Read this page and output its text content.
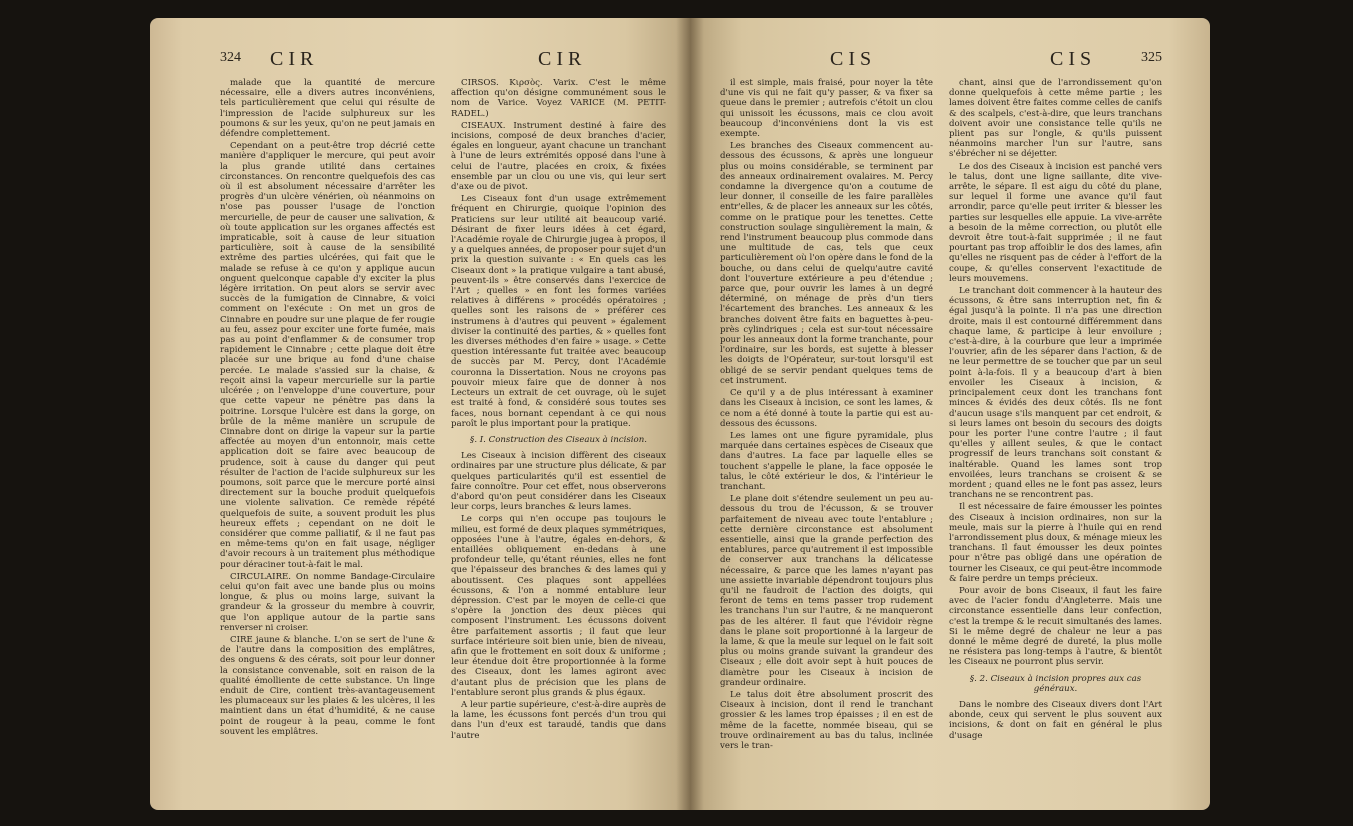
324 CIR	CIR

malade que la quantité de mercure nécessaire, elle a divers autres inconvéniens, tels particulièrement que celui qui résulte de l'impression de l'acide sulphureux sur les poumons & sur les yeux, qu'on ne peut jamais en défendre complettement.

Cependant on a peut-être trop décrié cette manière d'appliquer le mercure, qui peut avoir la plus grande utilité dans certaines circonstances. On rencontre quelquefois des cas où il est absolument nécessaire d'arrêter les progrès d'un ulcère vénérien, où néanmoins on n'ose pas pousser l'usage de l'onction mercurielle, de peur de causer une salivation, & où toute application sur les organes affectés est impraticable, soit à cause de leur situation particulière, soit à cause de la sensibilité extrême des parties ulcérées, qui fait que le malade se refuse à ce qu'on y applique aucun onguent quelconque capable d'y exciter la plus légère irritation. On peut alors se servir avec succès de la fumigation de Cinnabre, & voici comment on l'exécute : On met un gros de Cinnabre en poudre sur une plaque de fer rougie au feu, assez pour exciter une forte fumée, mais pas au point d'enflammer & de consumer trop rapidement le Cinnabre ; cette plaque doit être placée sur une brique au fond d'une chaise percée. Le malade s'assied sur la chaise, & reçoit ainsi la vapeur mercurielle sur la partie ulcérée ; on l'enveloppe d'une couverture, pour que cette vapeur ne pénètre pas dans la poitrine. Lorsque l'ulcère est dans la gorge, on brûle de la même manière un scrupule de Cinnabre dont on dirige la vapeur sur la partie affectée au moyen d'un entonnoir, mais cette application doit se faire avec beaucoup de prudence, soit à cause du danger qui peut résulter de l'action de l'acide sulphureux sur les poumons, soit parce que le mercure porté ainsi directement sur la bouche produit quelquefois une violente salivation. Ce remède répété quelquefois de suite, a souvent produit les plus heureux effets ; cependant on ne doit le considérer que comme palliatif, & il ne faut pas en même-tems qu'on en fait usage, négliger d'avoir recours à un traitement plus méthodique pour déraciner tout-à-fait le mal.

CIRCULAIRE. On nomme Bandage-Circulaire celui qu'on fait avec une bande plus ou moins longue, & plus ou moins large, suivant la grandeur & la grosseur du membre à couvrir, que l'on applique autour de la partie sans renverser ni croiser.

CIRE jaune & blanche. L'on se sert de l'une & de l'autre dans la composition des emplâtres, des onguens & des cérats, soit pour leur donner la consistance convenable, soit en raison de la qualité émolliente de cette substance. Un linge enduit de Cire, contient très-avantageusement les plumaceaux sur les plaies & les ulcères, il les maintient dans un état d'humidité, & ne cause point de rougeur à la peau, comme le font souvent les emplâtres.

CIRSOS. Κιρσὸς. Varix. C'est le même affection qu'on désigne communément sous le nom de Varice. Voyez VARICE (M. PETIT-RADEL.)

CISEAUX. Instrument destiné à faire des incisions, composé de deux branches d'acier, égales en longueur, ayant chacune un tranchant à l'une de leurs extrémités opposé dans l'une à celui de l'autre, placées en croix, & fixées ensemble par un clou ou une vis, qui leur sert d'axe ou de pivot.

Les Ciseaux font d'un usage extrêmement fréquent en Chirurgie, quoique l'opinion des Praticiens sur leur utilité ait beaucoup varié. Désirant de fixer leurs idées à cet égard, l'Académie royale de Chirurgie jugea à propos, il y a quelques années, de proposer pour sujet d'un prix la question suivante : « En quels cas les Ciseaux dont » la pratique vulgaire a tant abusé, peuvent-ils » être conservés dans l'exercice de l'Art ; quelles » en font les formes variées relatives à différens » procédés opératoires ; quelles sont les raisons de » préférer ces instrumens à d'autres qui peuvent » également diviser la continuité des parties, & » quelles font les diverses méthodes d'en faire » usage. » Cette question intéressante fut traitée avec beaucoup de succès par M. Percy, dont l'Académie couronna la Dissertation. Nous ne croyons pas pouvoir mieux faire que de donner à nos Lecteurs un extrait de cet ouvrage, où le sujet est traité à fond, & considéré sous toutes ses faces, nous bornant cependant à ce qui nous paroît le plus important pour la pratique.

§. I. Construction des Ciseaux à incision.

Les Ciseaux à incision diffèrent des ciseaux ordinaires par une structure plus délicate, & par quelques particularités qu'il est essentiel de faire connoître. Pour cet effet, nous observerons d'abord qu'on peut considérer dans les Ciseaux leur corps, leurs branches & leurs lames.

Le corps qui n'en occupe pas toujours le milieu, est formé de deux plaques symmétriques, opposées l'une à l'autre, égales en-dehors, & entaillées obliquement en-dedans à une profondeur telle, qu'étant réunies, elles ne font que l'épaisseur des branches & des lames qui y aboutissent. Ces plaques sont appellées écussons, & l'on a nommé entablure leur dépression. C'est par le moyen de celle-ci que s'opère la jonction des deux pièces qui composent l'instrument. Les écussons doivent être parfaitement assortis ; il faut que leur surface intérieure soit bien unie, bien de niveau, afin que le frottement en soit doux & uniforme ; leur étendue doit être proportionnée à la forme des Ciseaux, dont les lames agiront avec d'autant plus de précision que les plans de l'entablure seront plus grands & plus égaux.

A leur partie supérieure, c'est-à-dire auprès de la lame, les écussons font percés d'un trou qui dans l'un d'eux est taraudé, tandis que dans l'autre

CIS	CIS	325

il est simple, mais fraisé, pour noyer la tête d'une vis qui ne fait qu'y passer, & va fixer sa queue dans le premier ; autrefois c'étoit un clou qui unissoit les écussons, mais ce clou avoit beaucoup d'inconvéniens dont la vis est exempte.

Les branches des Ciseaux commencent au-dessous des écussons, & après une longueur plus ou moins considérable, se terminent par des anneaux ordinairement ovalaires. M. Percy condamne la divergence qu'on a coutume de leur donner, il conseille de les faire parallèles entr'elles, & de placer les anneaux sur les côtés, comme on le pratique pour les tenettes. Cette construction soulage singulièrement la main, & rend l'instrument beaucoup plus commode dans une multitude de cas, tels que ceux particulièrement où l'on opère dans le fond de la bouche, ou dans celui de quelqu'autre cavité dont l'ouverture extérieure a peu d'étendue ; parce que, pour ouvrir les lames à un degré déterminé, on ménage de près d'un tiers l'écartement des branches. Les anneaux & les branches doivent être faits en baguettes à-peu-près cylindriques ; cela est sur-tout nécessaire pour les anneaux dont la forme tranchante, pour l'ordinaire, sur les bords, est sujette à blesser les doigts de l'Opérateur, sur-tout lorsqu'il est obligé de se servir pendant quelques tems de cet instrument.

Ce qu'il y a de plus intéressant à examiner dans les Ciseaux à incision, ce sont les lames, & ce nom a été donné à toute la partie qui est au-dessous des écussons.

Les lames ont une figure pyramidale, plus marquée dans certaines espèces de Ciseaux que dans d'autres. La face par laquelle elles se touchent s'appelle le plane, la face opposée le talus, le côté extérieur le dos, & l'intérieur le tranchant.

Le plane doit s'étendre seulement un peu au-dessous du trou de l'écusson, & se trouver parfaitement de niveau avec toute l'entablure ; cette dernière circonstance est absolument essentielle, ainsi que la grande perfection des entablures, parce qu'autrement il est impossible de conserver aux tranchans la délicatesse nécessaire, & parce que les lames n'ayant pas une assiette invariable dépendront toujours plus qu'il ne faudroit de l'action des doigts, qui feront de tems en tems passer trop rudement les tranchans l'un sur l'autre, & ne manqueront pas de les altérer. Il faut que l'évidoir règne dans le plane soit proportionné à la largeur de la lame, & que la meule sur lequel on le fait soit plus ou moins grande suivant la grandeur des Ciseaux ; elle doit avoir sept à huit pouces de diamètre pour les Ciseaux à incision de grandeur ordinaire.

Le talus doit être absolument proscrit des Ciseaux à incision, dont il rend le tranchant grossier & les lames trop épaisses ; il en est de même de la facette, nommée biseau, qui se trouve ordinairement au bas du talus, inclinée vers le tran-

chant, ainsi que de l'arrondissement qu'on donne quelquefois à cette même partie ; les lames doivent être faites comme celles de canifs & des scalpels, c'est-à-dire, que leurs tranchans doivent avoir une consistance telle qu'ils ne plient pas sur l'ongle, & qu'ils puissent néanmoins marcher l'un sur l'autre, sans s'ébrécher ni se déjetter.

Le dos des Ciseaux à incision est panché vers le talus, dont une ligne saillante, dite vive-arrête, le sépare. Il est aigu du côté du plane, sur lequel il forme une avance qu'il faut arrondir, parce qu'elle peut irriter & blesser les parties sur lesquelles elle appuie. La vive-arrête a besoin de la même correction, ou plutôt elle devroit être tout-à-fait supprimée ; il ne faut pourtant pas trop affoiblir le dos des lames, afin qu'elles ne risquent pas de céder à l'effort de la coupe, & qu'elles conservent l'exactitude de leurs mouvemens.

Le tranchant doit commencer à la hauteur des écussons, & être sans interruption net, fin & égal jusqu'à la pointe. Il n'a pas une direction droite, mais il est contourné différemment dans chaque lame, & participe à leur envoilure ; c'est-à-dire, à la courbure que leur a imprimée l'ouvrier, afin de les séparer dans l'action, & de ne leur permettre de se toucher que par un seul point à-la-fois. Il y a beaucoup d'art à bien envoiler les Ciseaux à incision, & principalement ceux dont les tranchans font minces & évidés des deux côtés. Ils ne font d'aucun usage s'ils manquent par cet endroit, & si leurs lames ont besoin du secours des doigts pour les porter l'une contre l'autre ; il faut qu'elles y aillent seules, & que le contact progressif de leurs tranchans soit constant & inaltérable. Quand les lames sont trop envoilées, leurs tranchans se croisent & se mordent ; quand elles ne le font pas assez, leurs tranchans ne se rencontrent pas.

Il est nécessaire de faire émousser les pointes des Ciseaux à incision ordinaires, non sur la meule, mais sur la pierre à l'huile qui en rend l'arrondissement plus doux, & ménage mieux les tranchans. Il faut émousser les deux pointes pour n'être pas obligé dans une opération de tourner les Ciseaux, ce qui peut-être incommode & faire perdre un temps précieux.

Pour avoir de bons Ciseaux, il faut les faire avec de l'acier fondu d'Angleterre. Mais une circonstance essentielle dans leur confection, c'est la trempe & le recuit simultanés des lames. Si le même degré de chaleur ne leur a pas donné le même degré de dureté, la plus molle ne résistera pas long-temps à l'autre, & bientôt les Ciseaux ne pourront plus servir.

§. 2. Ciseaux à incision propres aux cas généraux.

Dans le nombre des Ciseaux divers dont l'Art abonde, ceux qui servent le plus souvent aux incisions, & dont on fait en général le plus d'usage
